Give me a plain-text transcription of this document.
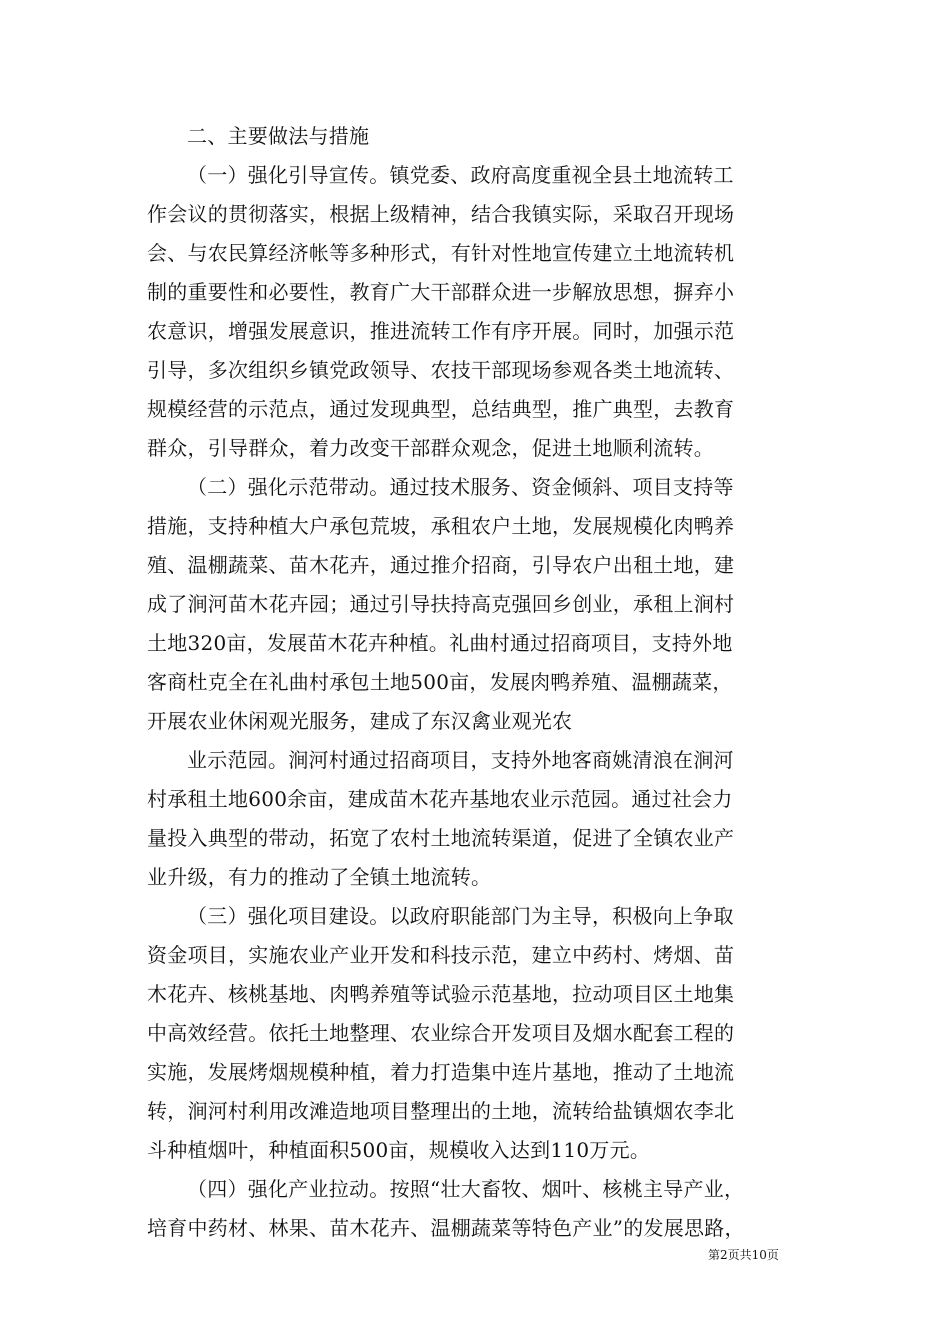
二、主要做法与措施
（一）强化引导宣传。镇党委、政府高度重视全县土地流转工
作会议的贯彻落实，根据上级精神，结合我镇实际，采取召开现场
会、与农民算经济帐等多种形式，有针对性地宣传建立土地流转机
制的重要性和必要性，教育广大干部群众进一步解放思想，摒弃小
农意识，增强发展意识，推进流转工作有序开展。同时，加强示范
引导，多次组织乡镇党政领导、农技干部现场参观各类土地流转、
规模经营的示范点，通过发现典型，总结典型，推广典型，去教育
群众，引导群众，着力改变干部群众观念，促进土地顺利流转。
（二）强化示范带动。通过技术服务、资金倾斜、项目支持等
措施，支持种植大户承包荒坡，承租农户土地，发展规模化肉鸭养
殖、温棚蔬菜、苗木花卉，通过推介招商，引导农户出租土地，建
成了涧河苗木花卉园；通过引导扶持高克强回乡创业，承租上涧村
土地320亩，发展苗木花卉种植。礼曲村通过招商项目，支持外地
客商杜克全在礼曲村承包土地500亩，发展肉鸭养殖、温棚蔬菜，
开展农业休闲观光服务，建成了东汉禽业观光农
业示范园。涧河村通过招商项目，支持外地客商姚清浪在涧河
村承租土地600余亩，建成苗木花卉基地农业示范园。通过社会力
量投入典型的带动，拓宽了农村土地流转渠道，促进了全镇农业产
业升级，有力的推动了全镇土地流转。
（三）强化项目建设。以政府职能部门为主导，积极向上争取
资金项目，实施农业产业开发和科技示范，建立中药村、烤烟、苗
木花卉、核桃基地、肉鸭养殖等试验示范基地，拉动项目区土地集
中高效经营。依托土地整理、农业综合开发项目及烟水配套工程的
实施，发展烤烟规模种植，着力打造集中连片基地，推动了土地流
转，涧河村利用改滩造地项目整理出的土地，流转给盐镇烟农李北
斗种植烟叶，种植面积500亩，规模收入达到110万元。
（四）强化产业拉动。按照“壮大畜牧、烟叶、核桃主导产业，
培育中药材、林果、苗木花卉、温棚蔬菜等特色产业”的发展思路，
第2页共10页
